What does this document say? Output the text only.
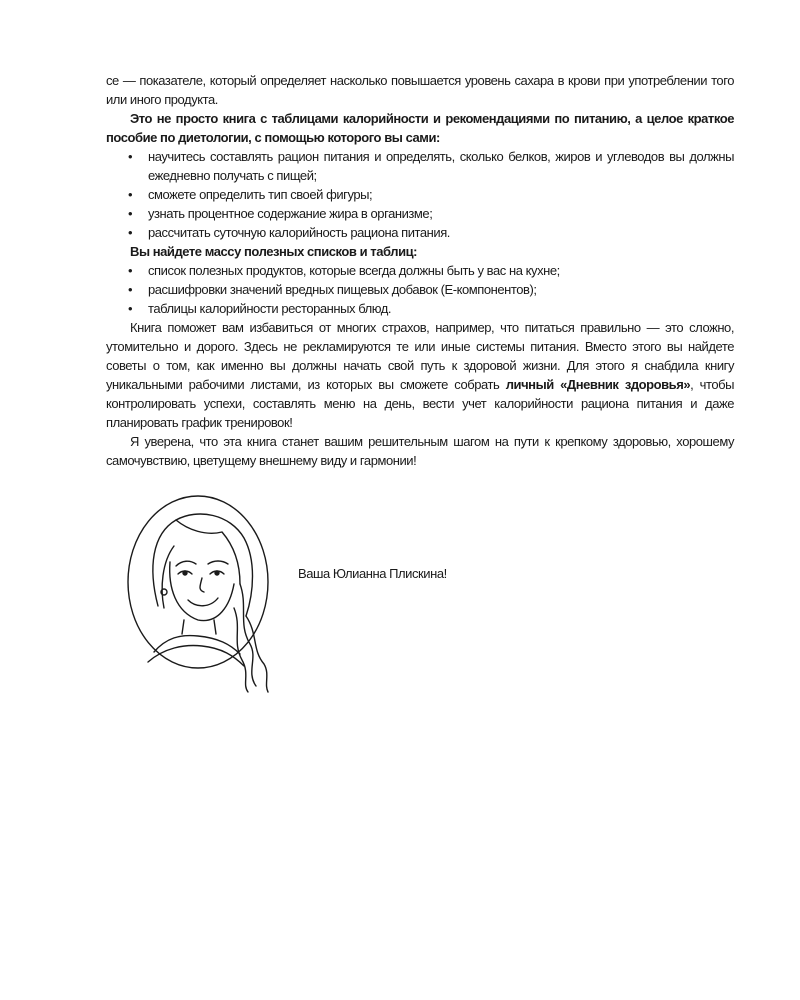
се — показателе, который определяет насколько повышается уровень сахара в крови при употреблении того или иного продукта.

Это не просто книга с таблицами калорийности и рекомендациями по питанию, а целое краткое пособие по диетологии, с помощью которого вы сами:

• научитесь составлять рацион питания и определять, сколько белков, жиров и углеводов вы должны ежедневно получать с пищей;
• сможете определить тип своей фигуры;
• узнать процентное содержание жира в организме;
• рассчитать суточную калорийность рациона питания.

Вы найдете массу полезных списков и таблиц:

• список полезных продуктов, которые всегда должны быть у вас на кухне;
• расшифровки значений вредных пищевых добавок (Е-компонентов);
• таблицы калорийности ресторанных блюд.

Книга поможет вам избавиться от многих страхов, например, что питаться правильно — это сложно, утомительно и дорого. Здесь не рекламируются те или иные системы питания. Вместо этого вы найдете советы о том, как именно вы должны начать свой путь к здоровой жизни. Для этого я снабдила книгу уникальными рабочими листами, из которых вы сможете собрать личный «Дневник здоровья», чтобы контролировать успехи, составлять меню на день, вести учет калорийности рациона питания и даже планировать график тренировок!

Я уверена, что эта книга станет вашим решительным шагом на пути к крепкому здоровью, хорошему самочувствию, цветущему внешнему виду и гармонии!

Ваша Юлианна Плискина!
